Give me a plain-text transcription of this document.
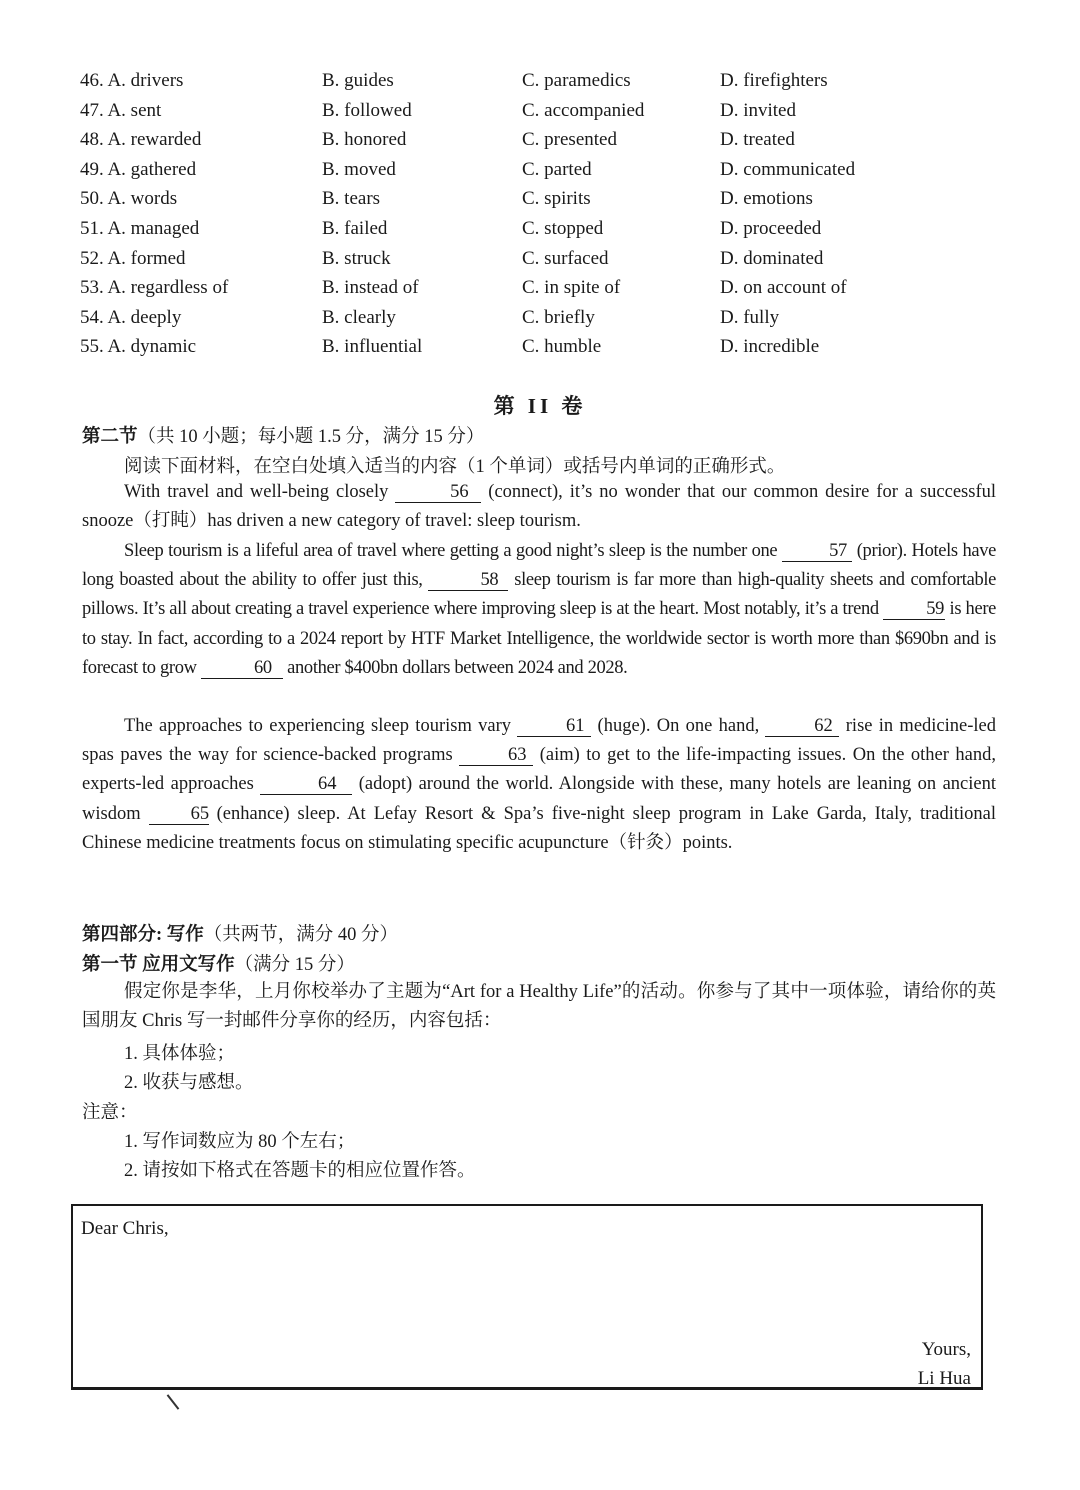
46. A. drivers	B. guides	C. paramedics	D. firefighters
47. A. sent	B. followed	C. accompanied	D. invited
48. A. rewarded	B. honored	C. presented	D. treated
49. A. gathered	B. moved	C. parted	D. communicated
50. A. words	B. tears	C. spirits	D. emotions
51. A. managed	B. failed	C. stopped	D. proceeded
52. A. formed	B. struck	C. surfaced	D. dominated
53. A. regardless of	B. instead of	C. in spite of	D. on account of
54. A. deeply	B. clearly	C. briefly	D. fully
55. A. dynamic	B. influential	C. humble	D. incredible
第 II 卷
第二节（共 10 小题；每小题 1.5 分，满分 15 分）
阅读下面材料，在空白处填入适当的内容（1 个单词）或括号内单词的正确形式。
With travel and well-being closely	56 (connect), it’s no wonder that our common desire for a successful snooze（打盹）has driven a new category of travel: sleep tourism.
Sleep tourism is a lifeful area of travel where getting a good night’s sleep is the number one	57 (prior). Hotels have long boasted about the ability to offer just this,	58 sleep tourism is far more than high-quality sheets and comfortable pillows. It’s all about creating a travel experience where improving sleep is at the heart. Most notably, it’s a trend 59 is here to stay. In fact, according to a 2024 report by HTF Market Intelligence, the worldwide sector is worth more than $690bn and is forecast to grow	60 another $400bn dollars between 2024 and 2028.
The approaches to experiencing sleep tourism vary	61 (huge). On one hand,	62 rise in medicine-led spas paves the way for science-backed programs	63 (aim) to get to the life-impacting issues. On the other hand, experts-led approaches	64 (adopt) around the world. Alongside with these, many hotels are leaning on ancient wisdom 65 (enhance) sleep. At Lefay Resort & Spa’s five-night sleep program in Lake Garda, Italy, traditional Chinese medicine treatments focus on stimulating specific acupuncture（针灸）points.
第四部分: 写作（共两节，满分 40 分）
第一节 应用文写作（满分 15 分）
假定你是李华，上月你校举办了主题为“Art for a Healthy Life”的活动。你参与了其中一项体验，请给你的英国朋友 Chris 写一封邮件分享你的经历，内容包括：
1. 具体体验；
2. 收获与感想。
注意：
1. 写作词数应为 80 个左右；
2. 请按如下格式在答题卡的相应位置作答。
Dear Chris,
Yours,
Li Hua
